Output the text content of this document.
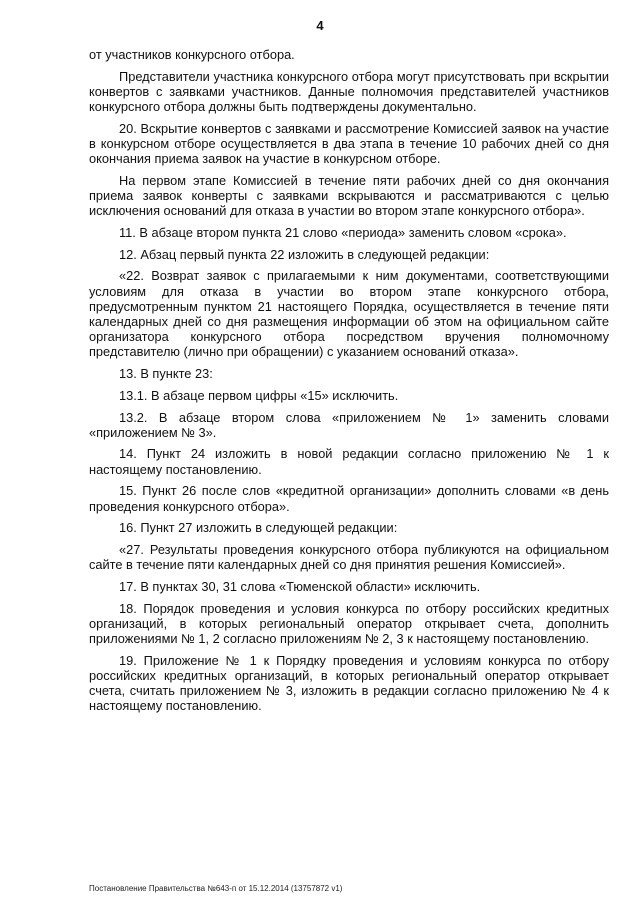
4

от участников конкурсного отбора.

Представители участника конкурсного отбора могут присутствовать при вскрытии конвертов с заявками участников. Данные полномочия представителей участников конкурсного отбора должны быть подтверждены документально.

20. Вскрытие конвертов с заявками и рассмотрение Комиссией заявок на участие в конкурсном отборе осуществляется в два этапа в течение 10 рабочих дней со дня окончания приема заявок на участие в конкурсном отборе.

На первом этапе Комиссией в течение пяти рабочих дней со дня окончания приема заявок конверты с заявками вскрываются и рассматриваются с целью исключения оснований для отказа в участии во втором этапе конкурсного отбора».

11. В абзаце втором пункта 21 слово «периода» заменить словом «срока».

12. Абзац первый пункта 22 изложить в следующей редакции:

«22. Возврат заявок с прилагаемыми к ним документами, соответствующими условиям для отказа в участии во втором этапе конкурсного отбора, предусмотренным пунктом 21 настоящего Порядка, осуществляется в течение пяти календарных дней со дня размещения информации об этом на официальном сайте организатора конкурсного отбора посредством вручения полномочному представителю (лично при обращении) с указанием оснований отказа».

13. В пункте 23:

13.1. В абзаце первом цифры «15» исключить.

13.2. В абзаце втором слова «приложением № 1» заменить словами «приложением № 3».

14. Пункт 24 изложить в новой редакции согласно приложению № 1 к настоящему постановлению.

15. Пункт 26 после слов «кредитной организации» дополнить словами «в день проведения конкурсного отбора».

16. Пункт 27 изложить в следующей редакции:

«27. Результаты проведения конкурсного отбора публикуются на официальном сайте в течение пяти календарных дней со дня принятия решения Комиссией».

17. В пунктах 30, 31 слова «Тюменской области» исключить.

18. Порядок проведения и условия конкурса по отбору российских кредитных организаций, в которых региональный оператор открывает счета, дополнить приложениями № 1, 2 согласно приложениям № 2, 3 к настоящему постановлению.

19. Приложение № 1 к Порядку проведения и условиям конкурса по отбору российских кредитных организаций, в которых региональный оператор открывает счета, считать приложением № 3, изложить в редакции согласно приложению № 4 к настоящему постановлению.

Постановление Правительства №643-п от 15.12.2014 (13757872 v1)
